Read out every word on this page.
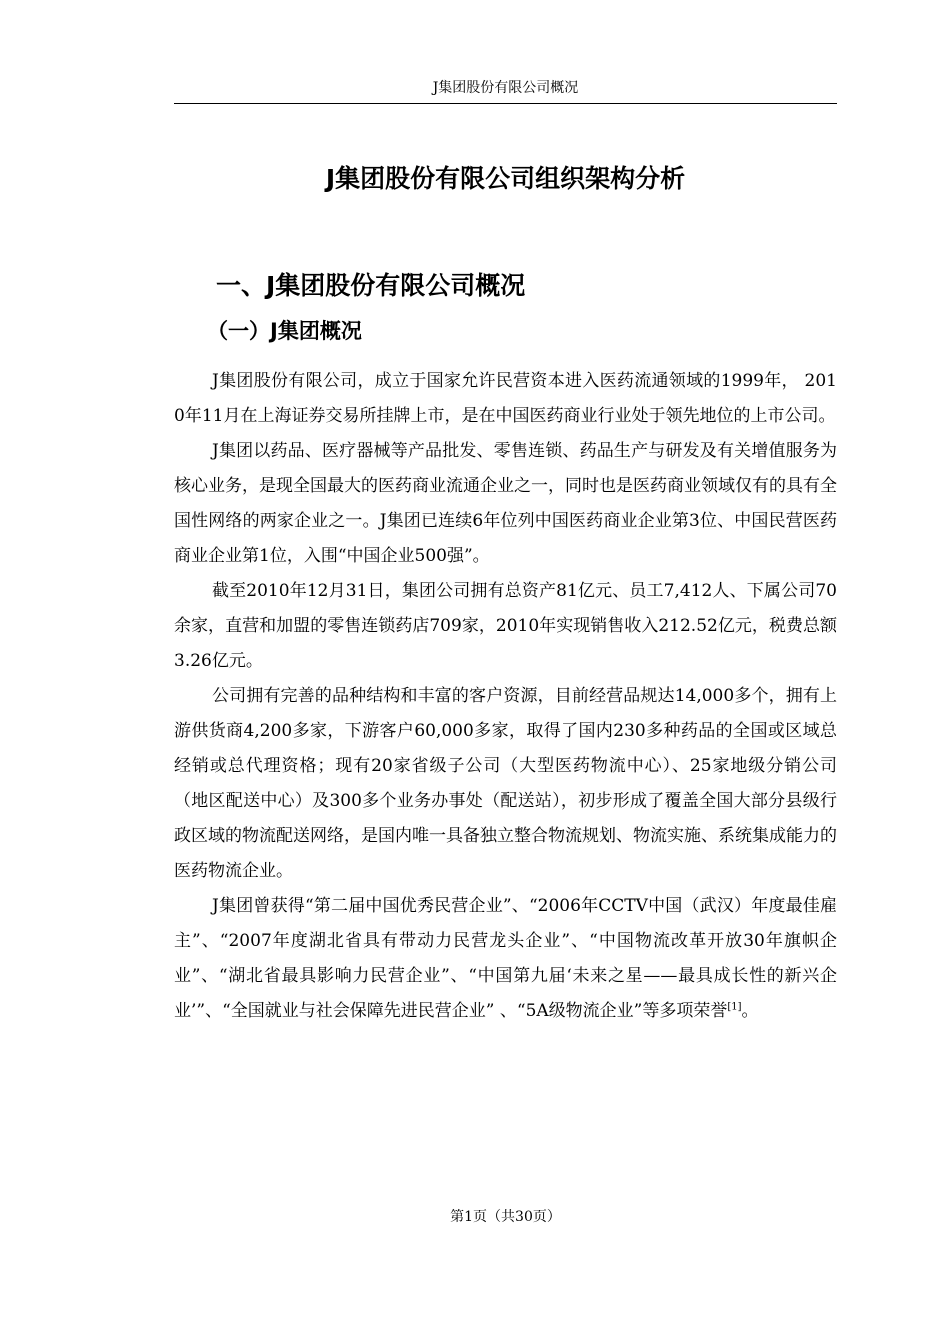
J集团股份有限公司概况
J集团股份有限公司组织架构分析
一、J集团股份有限公司概况
（一）J集团概况

J集团股份有限公司，成立于国家允许民营资本进入医药流通领域的1999年， 2010年11月在上海证券交易所挂牌上市，是在中国医药商业行业处于领先地位的上市公司。

J集团以药品、医疗器械等产品批发、零售连锁、药品生产与研发及有关增值服务为核心业务，是现全国最大的医药商业流通企业之一，同时也是医药商业领域仅有的具有全国性网络的两家企业之一。J集团已连续6年位列中国医药商业企业第3位、中国民营医药商业企业第1位，入围“中国企业500强”。

截至2010年12月31日，集团公司拥有总资产81亿元、员工7,412人、下属公司70余家，直营和加盟的零售连锁药店709家，2010年实现销售收入212.52亿元，税费总额3.26亿元。

公司拥有完善的品种结构和丰富的客户资源，目前经营品规达14,000多个，拥有上游供货商4,200多家，下游客户60,000多家，取得了国内230多种药品的全国或区域总经销或总代理资格；现有20家省级子公司（大型医药物流中心）、25家地级分销公司（地区配送中心）及300多个业务办事处（配送站），初步形成了覆盖全国大部分县级行政区域的物流配送网络，是国内唯一具备独立整合物流规划、物流实施、系统集成能力的医药物流企业。

J集团曾获得“第二届中国优秀民营企业”、“2006年CCTV中国（武汉）年度最佳雇主”、“2007年度湖北省具有带动力民营龙头企业”、“中国物流改革开放30年旗帜企业”、“湖北省最具影响力民营企业”、“中国第九届‘未来之星——最具成长性的新兴企业’”、“全国就业与社会保障先进民营企业” 、“5A级物流企业”等多项荣誉[1]。

第1页（共30页）
